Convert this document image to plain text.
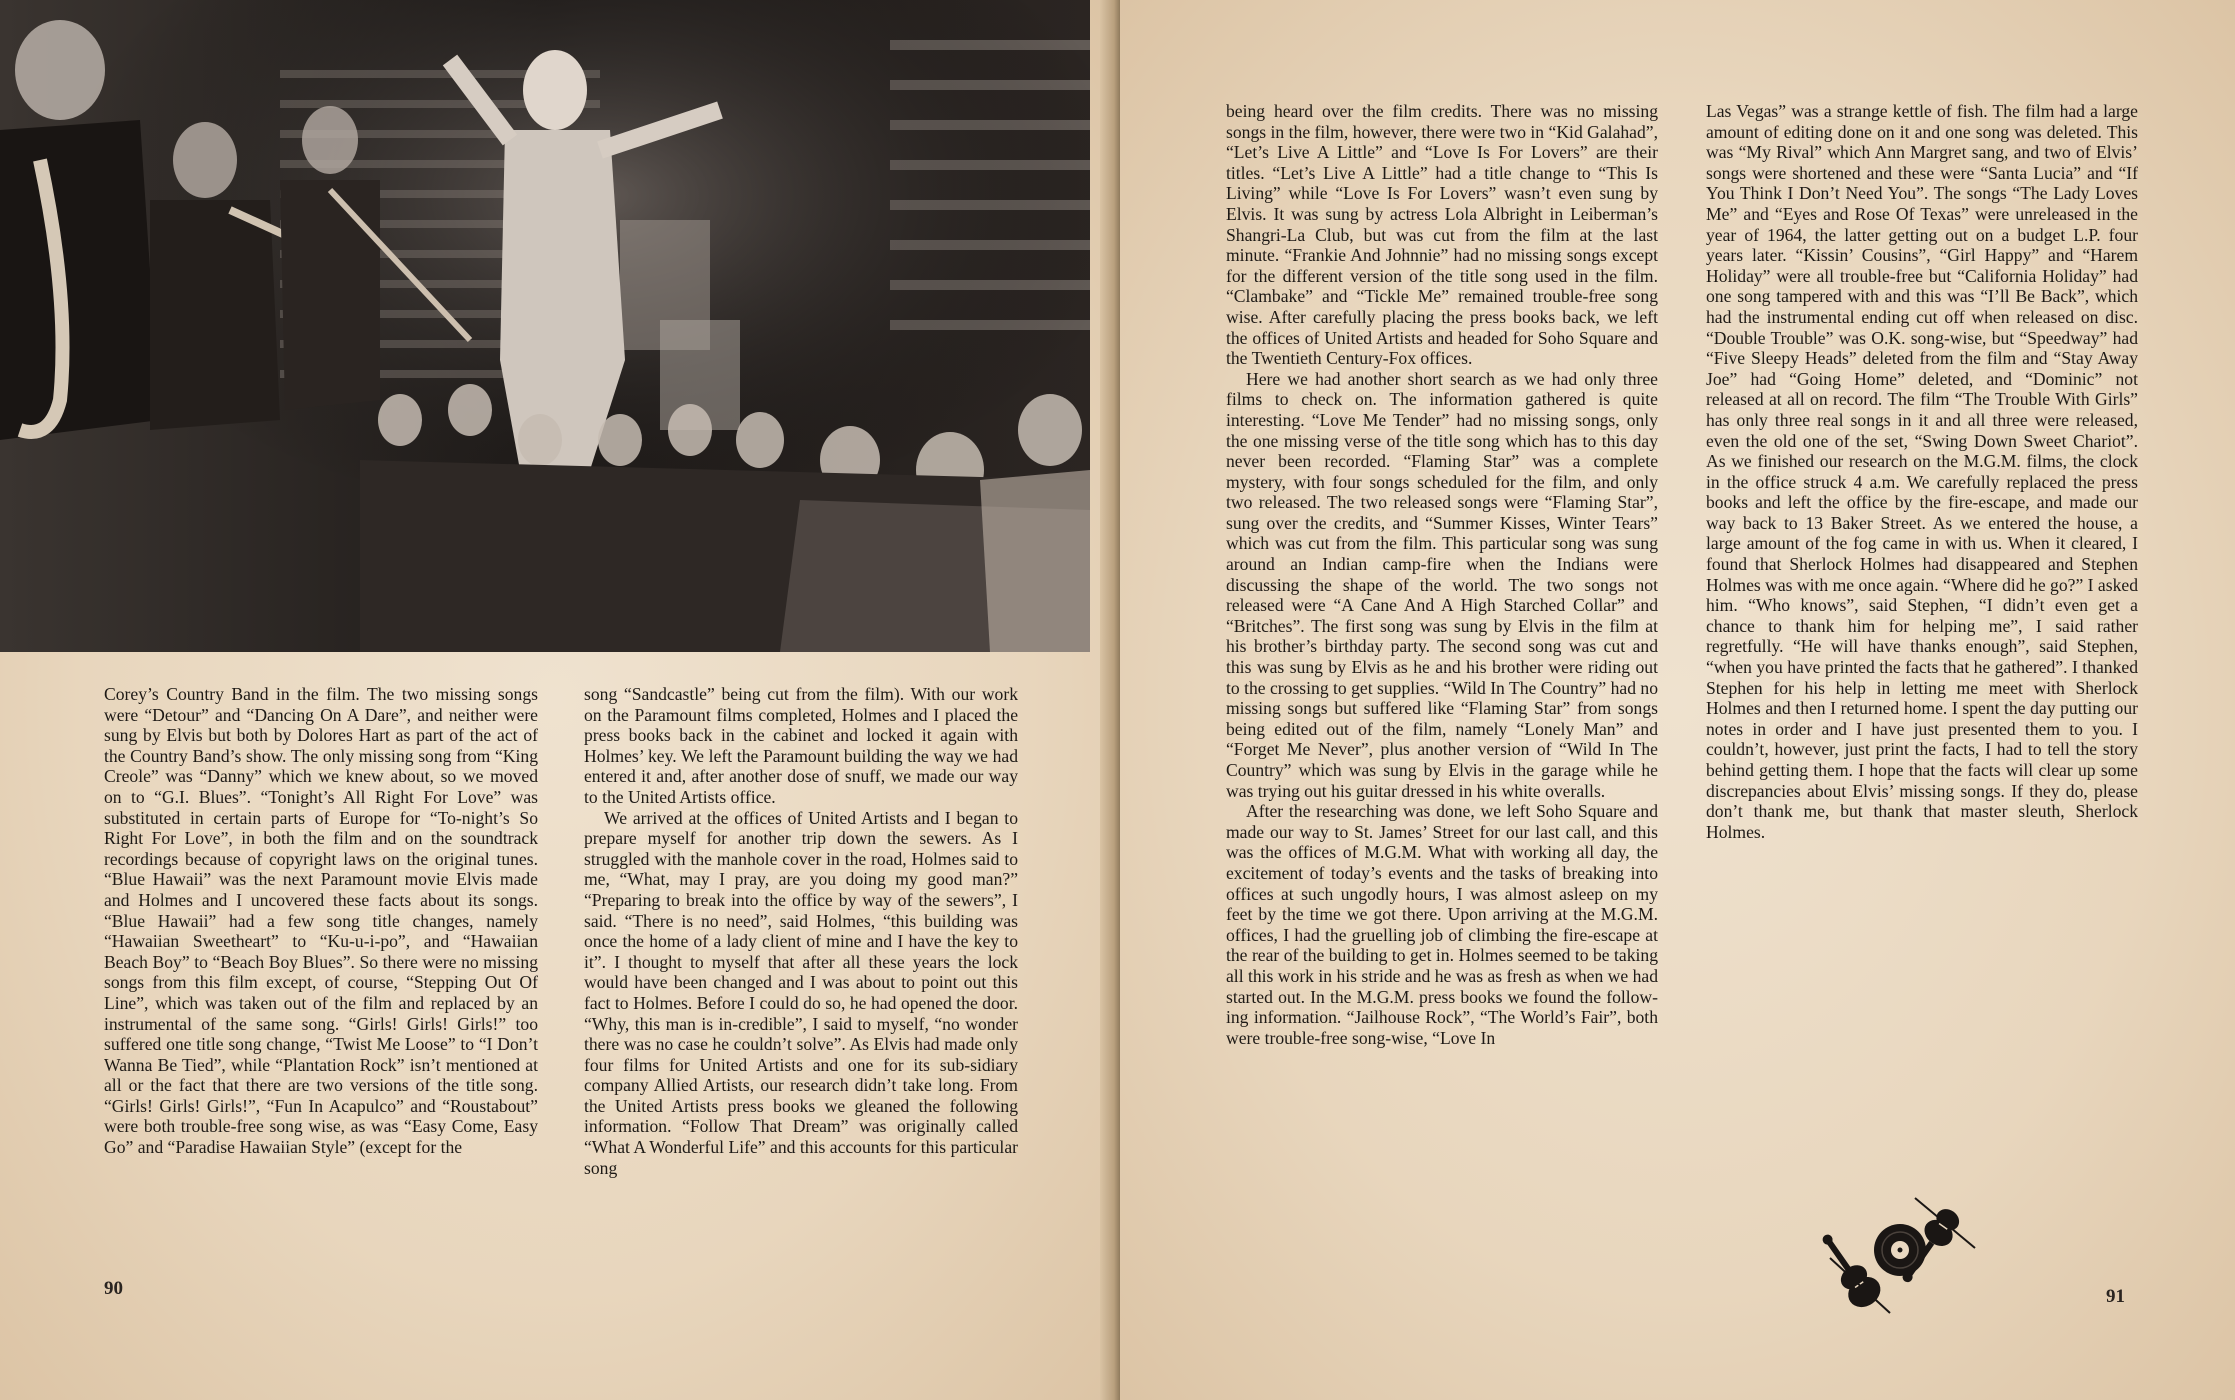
Corey’s Country Band in the film. The two missing songs were “Detour” and “Dancing On A Dare”, and neither were sung by Elvis but both by Dolores Hart as part of the act of the Country Band’s show. The only missing song from “King Creole” was “Danny” which we knew about, so we moved on to “G.I. Blues”. “Tonight’s All Right For Love” was substituted in certain parts of Europe for “To-night’s So Right For Love”, in both the film and on the soundtrack recordings because of copyright laws on the original tunes. “Blue Hawaii” was the next Paramount movie Elvis made and Holmes and I uncovered these facts about its songs. “Blue Hawaii” had a few song title changes, namely “Hawaiian Sweetheart” to “Ku-u-i-po”, and “Hawaiian Beach Boy” to “Beach Boy Blues”. So there were no missing songs from this film except, of course, “Stepping Out Of Line”, which was taken out of the film and replaced by an instrumental of the same song. “Girls! Girls! Girls!” too suffered one title song change, “Twist Me Loose” to “I Don’t Wanna Be Tied”, while “Plantation Rock” isn’t mentioned at all or the fact that there are two versions of the title song. “Girls! Girls! Girls!”, “Fun In Acapulco” and “Roustabout” were both trouble-free song wise, as was “Easy Come, Easy Go” and “Paradise Hawaiian Style” (except for the

song “Sandcastle” being cut from the film). With our work on the Paramount films completed, Holmes and I placed the press books back in the cabinet and locked it again with Holmes’ key. We left the Paramount building the way we had entered it and, after another dose of snuff, we made our way to the United Artists office.

We arrived at the offices of United Artists and I began to prepare myself for another trip down the sewers. As I struggled with the manhole cover in the road, Holmes said to me, “What, may I pray, are you doing my good man?” “Preparing to break into the office by way of the sewers”, I said. “There is no need”, said Holmes, “this building was once the home of a lady client of mine and I have the key to it”. I thought to myself that after all these years the lock would have been changed and I was about to point out this fact to Holmes. Before I could do so, he had opened the door. “Why, this man is in-credible”, I said to myself, “no wonder there was no case he couldn’t solve”. As Elvis had made only four films for United Artists and one for its sub-sidiary company Allied Artists, our research didn’t take long. From the United Artists press books we gleaned the following information. “Follow That Dream” was originally called “What A Wonderful Life” and this accounts for this particular song

90

being heard over the film credits. There was no missing songs in the film, however, there were two in “Kid Galahad”, “Let’s Live A Little” and “Love Is For Lovers” are their titles. “Let’s Live A Little” had a title change to “This Is Living” while “Love Is For Lovers” wasn’t even sung by Elvis. It was sung by actress Lola Albright in Leiberman’s Shangri-La Club, but was cut from the film at the last minute. “Frankie And Johnnie” had no missing songs except for the different version of the title song used in the film. “Clambake” and “Tickle Me” remained trouble-free song wise. After carefully placing the press books back, we left the offices of United Artists and headed for Soho Square and the Twentieth Century-Fox offices.

Here we had another short search as we had only three films to check on. The information gathered is quite interesting. “Love Me Tender” had no missing songs, only the one missing verse of the title song which has to this day never been recorded. “Flaming Star” was a complete mystery, with four songs scheduled for the film, and only two released. The two released songs were “Flaming Star”, sung over the credits, and “Summer Kisses, Winter Tears” which was cut from the film. This particular song was sung around an Indian camp-fire when the Indians were discussing the shape of the world. The two songs not released were “A Cane And A High Starched Collar” and “Britches”. The first song was sung by Elvis in the film at his brother’s birthday party. The second song was cut and this was sung by Elvis as he and his brother were riding out to the crossing to get supplies. “Wild In The Country” had no missing songs but suffered like “Flaming Star” from songs being edited out of the film, namely “Lonely Man” and “Forget Me Never”, plus another version of “Wild In The Country” which was sung by Elvis in the garage while he was trying out his guitar dressed in his white overalls.

After the researching was done, we left Soho Square and made our way to St. James’ Street for our last call, and this was the offices of M.G.M. What with working all day, the excitement of today’s events and the tasks of breaking into offices at such ungodly hours, I was almost asleep on my feet by the time we got there. Upon arriving at the M.G.M. offices, I had the gruelling job of climbing the fire-escape at the rear of the building to get in. Holmes seemed to be taking all this work in his stride and he was as fresh as when we had started out. In the M.G.M. press books we found the follow-ing information. “Jailhouse Rock”, “The World’s Fair”, both were trouble-free song-wise, “Love In

Las Vegas” was a strange kettle of fish. The film had a large amount of editing done on it and one song was deleted. This was “My Rival” which Ann Margret sang, and two of Elvis’ songs were shortened and these were “Santa Lucia” and “If You Think I Don’t Need You”. The songs “The Lady Loves Me” and “Eyes and Rose Of Texas” were unreleased in the year of 1964, the latter getting out on a budget L.P. four years later. “Kissin’ Cousins”, “Girl Happy” and “Harem Holiday” were all trouble-free but “California Holiday” had one song tampered with and this was “I’ll Be Back”, which had the instrumental ending cut off when released on disc. “Double Trouble” was O.K. song-wise, but “Speedway” had “Five Sleepy Heads” deleted from the film and “Stay Away Joe” had “Going Home” deleted, and “Dominic” not released at all on record. The film “The Trouble With Girls” has only three real songs in it and all three were released, even the old one of the set, “Swing Down Sweet Chariot”. As we finished our research on the M.G.M. films, the clock in the office struck 4 a.m. We carefully replaced the press books and left the office by the fire-escape, and made our way back to 13 Baker Street. As we entered the house, a large amount of the fog came in with us. When it cleared, I found that Sherlock Holmes had disappeared and Stephen Holmes was with me once again. “Where did he go?” I asked him. “Who knows”, said Stephen, “I didn’t even get a chance to thank him for helping me”, I said rather regretfully. “He will have thanks enough”, said Stephen, “when you have printed the facts that he gathered”. I thanked Stephen for his help in letting me meet with Sherlock Holmes and then I returned home. I spent the day putting our notes in order and I have just presented them to you. I couldn’t, however, just print the facts, I had to tell the story behind getting them. I hope that the facts will clear up some discrepancies about Elvis’ missing songs. If they do, please don’t thank me, but thank that master sleuth, Sherlock Holmes.

91
